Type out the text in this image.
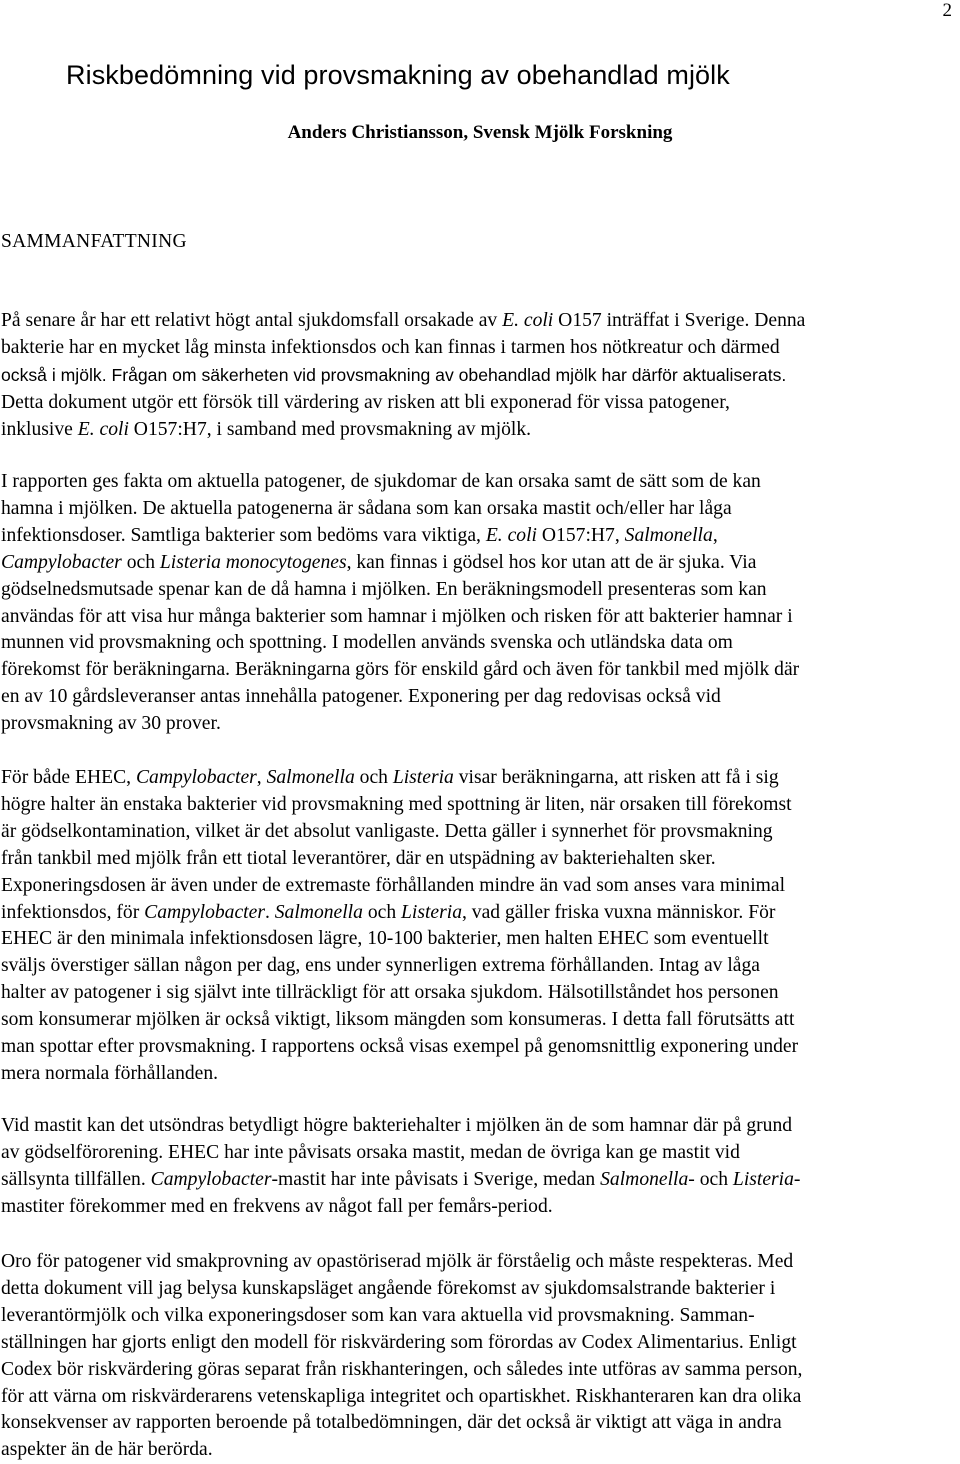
2
Riskbedömning vid provsmakning av obehandlad mjölk
Anders Christiansson, Svensk Mjölk Forskning
SAMMANFATTNING

På senare år har ett relativt högt antal sjukdomsfall orsakade av E. coli O157 inträffat i Sverige. Denna
bakterie har en mycket låg minsta infektionsdos och kan finnas i tarmen hos nötkreatur och därmed
också i mjölk. Frågan om säkerheten vid provsmakning av obehandlad mjölk har därför aktualiserats.
Detta dokument utgör ett försök till värdering av risken att bli exponerad för vissa patogener,
inklusive E. coli O157:H7, i samband med provsmakning av mjölk.

I rapporten ges fakta om aktuella patogener, de sjukdomar de kan orsaka samt de sätt som de kan
hamna i mjölken. De aktuella patogenerna är sådana som kan orsaka mastit och/eller har låga
infektionsdoser. Samtliga bakterier som bedöms vara viktiga, E. coli O157:H7, Salmonella,
Campylobacter och Listeria monocytogenes, kan finnas i gödsel hos kor utan att de är sjuka. Via
gödselnedsmutsade spenar kan de då hamna i mjölken. En beräkningsmodell presenteras som kan
användas för att visa hur många bakterier som hamnar i mjölken och risken för att bakterier hamnar i
munnen vid provsmakning och spottning. I modellen används svenska och utländska data om
förekomst för beräkningarna. Beräkningarna görs för enskild gård och även för tankbil med mjölk där
en av 10 gårdsleveranser antas innehålla patogener. Exponering per dag redovisas också vid
provsmakning av 30 prover.

För både EHEC, Campylobacter, Salmonella och Listeria visar beräkningarna, att risken att få i sig
högre halter än enstaka bakterier vid provsmakning med spottning är liten, när orsaken till förekomst
är gödselkontamination, vilket är det absolut vanligaste. Detta gäller i synnerhet för provsmakning
från tankbil med mjölk från ett tiotal leverantörer, där en utspädning av bakteriehalten sker.
Exponeringsdosen är även under de extremaste förhållanden mindre än vad som anses vara minimal
infektionsdos, för Campylobacter. Salmonella och Listeria, vad gäller friska vuxna människor. För
EHEC är den minimala infektionsdosen lägre, 10-100 bakterier, men halten EHEC som eventuellt
sväljs överstiger sällan någon per dag, ens under synnerligen extrema förhållanden. Intag av låga
halter av patogener i sig självt inte tillräckligt för att orsaka sjukdom. Hälsotillståndet hos personen
som konsumerar mjölken är också viktigt, liksom mängden som konsumeras. I detta fall förutsätts att
man spottar efter provsmakning. I rapportens också visas exempel på genomsnittlig exponering under
mera normala förhållanden.

Vid mastit kan det utsöndras betydligt högre bakteriehalter i mjölken än de som hamnar där på grund
av gödselförorening. EHEC har inte påvisats orsaka mastit, medan de övriga kan ge mastit vid
sällsynta tillfällen. Campylobacter-mastit har inte påvisats i Sverige, medan Salmonella- och Listeria-
mastiter förekommer med en frekvens av något fall per femårs-period.

Oro för patogener vid smakprovning av opastöriserad mjölk är förståelig och måste respekteras. Med
detta dokument vill jag belysa kunskapsläget angående förekomst av sjukdomsalstrande bakterier i
leverantörmjölk och vilka exponeringsdoser som kan vara aktuella vid provsmakning. Samman-
ställningen har gjorts enligt den modell för riskvärdering som förordas av Codex Alimentarius. Enligt
Codex bör riskvärdering göras separat från riskhanteringen, och således inte utföras av samma person,
för att värna om riskvärderarens vetenskapliga integritet och opartiskhet. Riskhanteraren kan dra olika
konsekvenser av rapporten beroende på totalbedömningen, där det också är viktigt att väga in andra
aspekter än de här berörda.
